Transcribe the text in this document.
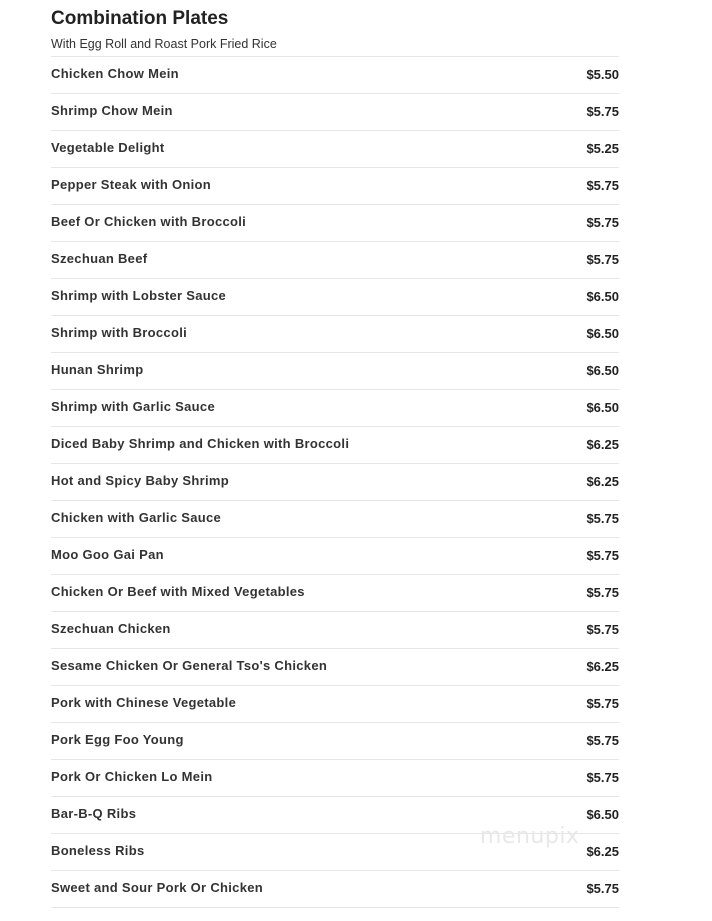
Combination Plates
With Egg Roll and Roast Pork Fried Rice
Chicken Chow Mein	$5.50
Shrimp Chow Mein	$5.75
Vegetable Delight	$5.25
Pepper Steak with Onion	$5.75
Beef Or Chicken with Broccoli	$5.75
Szechuan Beef	$5.75
Shrimp with Lobster Sauce	$6.50
Shrimp with Broccoli	$6.50
Hunan Shrimp	$6.50
Shrimp with Garlic Sauce	$6.50
Diced Baby Shrimp and Chicken with Broccoli	$6.25
Hot and Spicy Baby Shrimp	$6.25
Chicken with Garlic Sauce	$5.75
Moo Goo Gai Pan	$5.75
Chicken Or Beef with Mixed Vegetables	$5.75
Szechuan Chicken	$5.75
Sesame Chicken Or General Tso's Chicken	$6.25
Pork with Chinese Vegetable	$5.75
Pork Egg Foo Young	$5.75
Pork Or Chicken Lo Mein	$5.75
Bar-B-Q Ribs	$6.50
Boneless Ribs	$6.25
Sweet and Sour Pork Or Chicken	$5.75
menupix
